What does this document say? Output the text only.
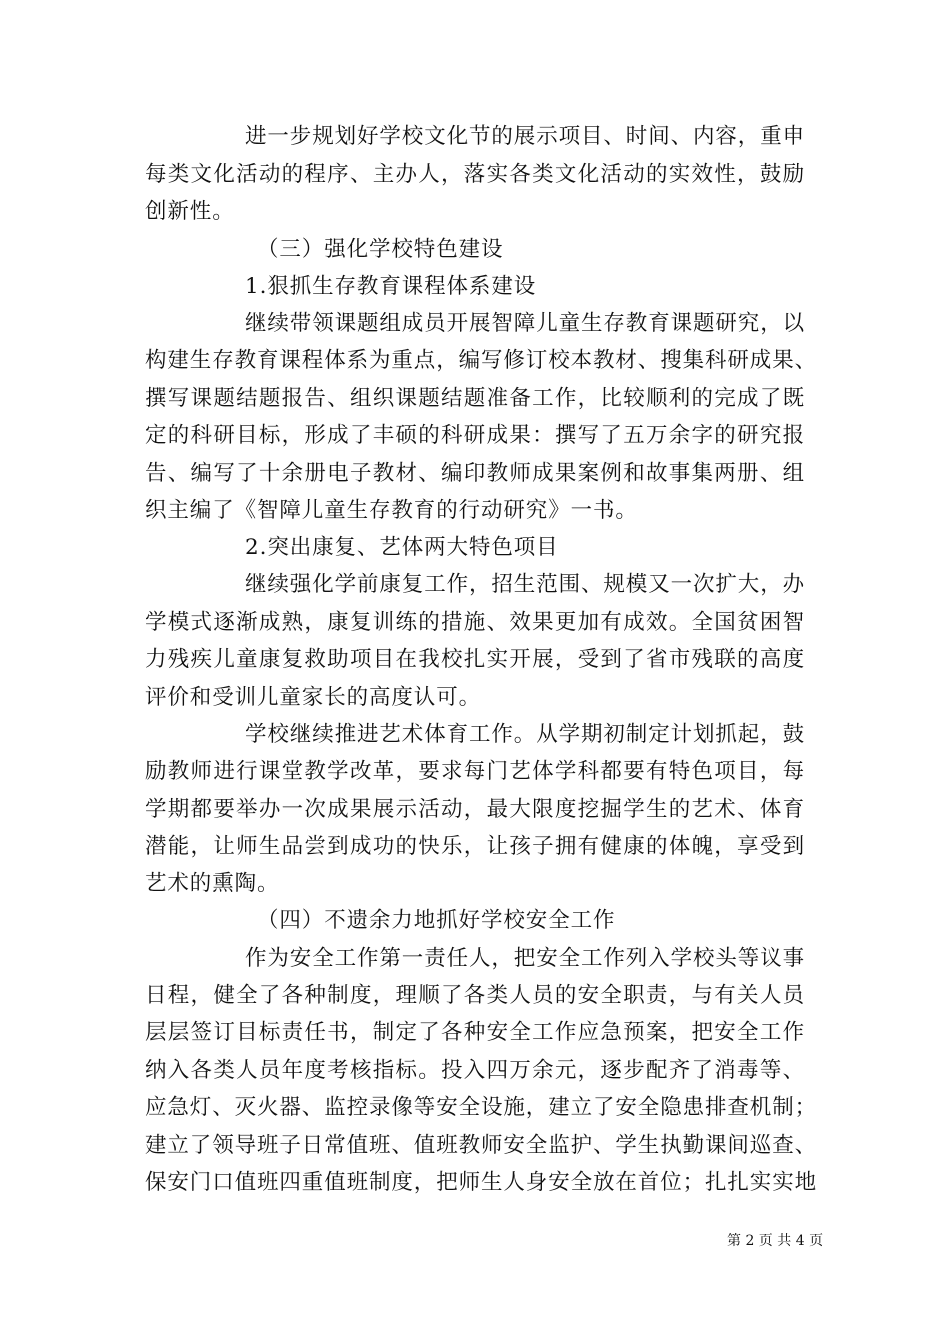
进一步规划好学校文化节的展示项目、时间、内容，重申
每类文化活动的程序、主办人，落实各类文化活动的实效性，鼓励
创新性。
（三）强化学校特色建设
1.狠抓生存教育课程体系建设
继续带领课题组成员开展智障儿童生存教育课题研究，以
构建生存教育课程体系为重点，编写修订校本教材、搜集科研成果、
撰写课题结题报告、组织课题结题准备工作，比较顺利的完成了既
定的科研目标，形成了丰硕的科研成果：撰写了五万余字的研究报
告、编写了十余册电子教材、编印教师成果案例和故事集两册、组
织主编了《智障儿童生存教育的行动研究》一书。
2.突出康复、艺体两大特色项目
继续强化学前康复工作，招生范围、规模又一次扩大，办
学模式逐渐成熟，康复训练的措施、效果更加有成效。全国贫困智
力残疾儿童康复救助项目在我校扎实开展，受到了省市残联的高度
评价和受训儿童家长的高度认可。
学校继续推进艺术体育工作。从学期初制定计划抓起，鼓
励教师进行课堂教学改革，要求每门艺体学科都要有特色项目，每
学期都要举办一次成果展示活动，最大限度挖掘学生的艺术、体育
潜能，让师生品尝到成功的快乐，让孩子拥有健康的体魄，享受到
艺术的熏陶。
（四）不遗余力地抓好学校安全工作
作为安全工作第一责任人，把安全工作列入学校头等议事
日程，健全了各种制度，理顺了各类人员的安全职责，与有关人员
层层签订目标责任书，制定了各种安全工作应急预案，把安全工作
纳入各类人员年度考核指标。投入四万余元，逐步配齐了消毒等、
应急灯、灭火器、监控录像等安全设施，建立了安全隐患排查机制；
建立了领导班子日常值班、值班教师安全监护、学生执勤课间巡查、
保安门口值班四重值班制度，把师生人身安全放在首位；扎扎实实地
第 2 页 共 4 页
